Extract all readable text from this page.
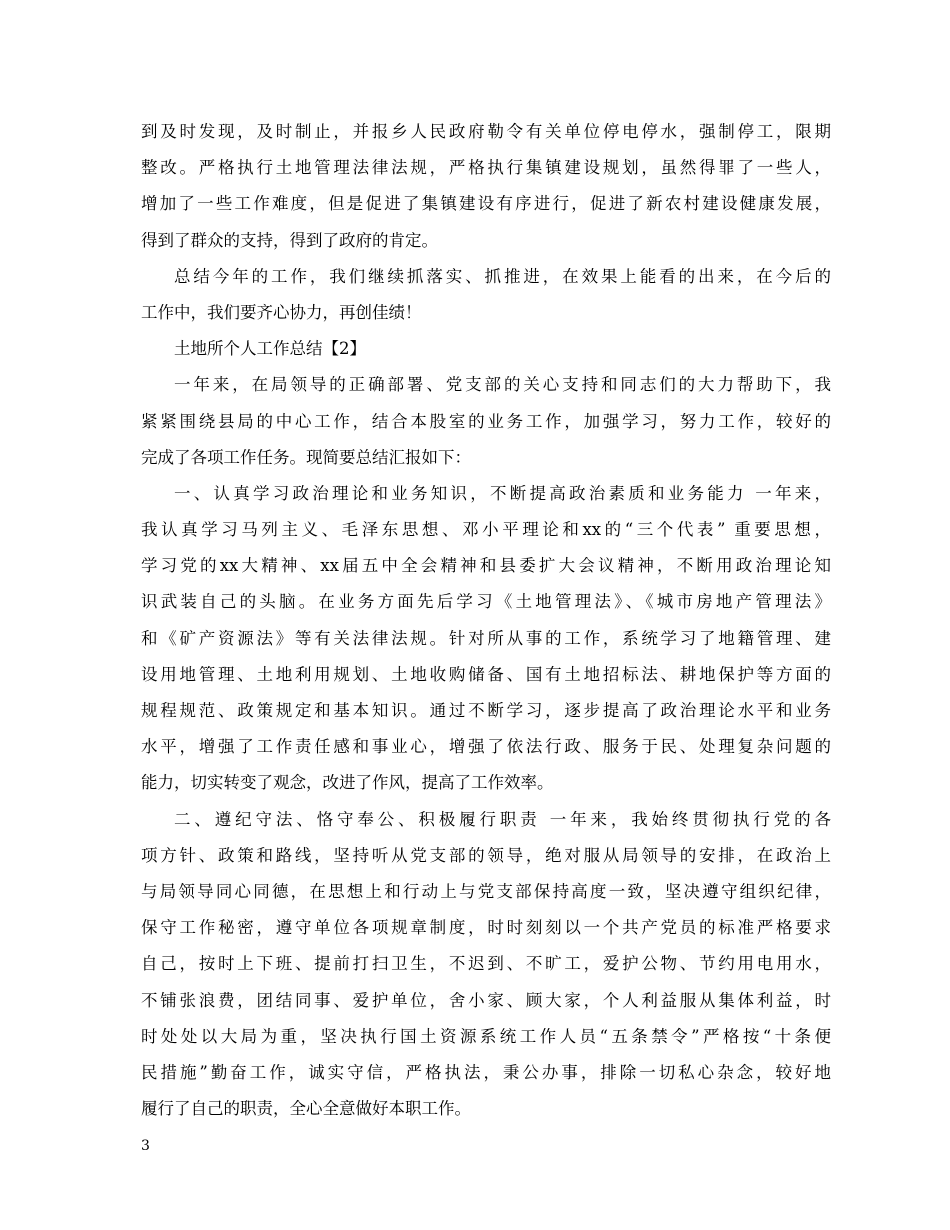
到及时发现，及时制止，并报乡人民政府勒令有关单位停电停水，强制停工，限期
整改。严格执行土地管理法律法规，严格执行集镇建设规划，虽然得罪了一些人，
增加了一些工作难度，但是促进了集镇建设有序进行，促进了新农村建设健康发展，
得到了群众的支持，得到了政府的肯定。
总结今年的工作，我们继续抓落实、抓推进，在效果上能看的出来，在今后的
工作中，我们要齐心协力，再创佳绩！
土地所个人工作总结【2】
一年来，在局领导的正确部署、党支部的关心支持和同志们的大力帮助下，我
紧紧围绕县局的中心工作，结合本股室的业务工作，加强学习，努力工作，较好的
完成了各项工作任务。现简要总结汇报如下：
一、认真学习政治理论和业务知识，不断提高政治素质和业务能力 一年来，
我认真学习马列主义、毛泽东思想、邓小平理论和xx的“三个代表” 重要思想，
学习党的xx大精神、xx届五中全会精神和县委扩大会议精神，不断用政治理论知
识武装自己的头脑。在业务方面先后学习《土地管理法》、《城市房地产管理法》
和《矿产资源法》等有关法律法规。针对所从事的工作，系统学习了地籍管理、建
设用地管理、土地利用规划、土地收购储备、国有土地招标法、耕地保护等方面的
规程规范、政策规定和基本知识。通过不断学习，逐步提高了政治理论水平和业务
水平，增强了工作责任感和事业心，增强了依法行政、服务于民、处理复杂问题的
能力，切实转变了观念，改进了作风，提高了工作效率。
二、遵纪守法、恪守奉公、积极履行职责 一年来，我始终贯彻执行党的各
项方针、政策和路线，坚持听从党支部的领导，绝对服从局领导的安排，在政治上
与局领导同心同德，在思想上和行动上与党支部保持高度一致，坚决遵守组织纪律，
保守工作秘密，遵守单位各项规章制度，时时刻刻以一个共产党员的标准严格要求
自己，按时上下班、提前打扫卫生，不迟到、不旷工，爱护公物、节约用电用水，
不铺张浪费，团结同事、爱护单位，舍小家、顾大家，个人利益服从集体利益，时
时处处以大局为重，坚决执行国土资源系统工作人员“五条禁令”严格按“十条便
民措施”勤奋工作，诚实守信，严格执法，秉公办事，排除一切私心杂念，较好地
履行了自己的职责，全心全意做好本职工作。
3
